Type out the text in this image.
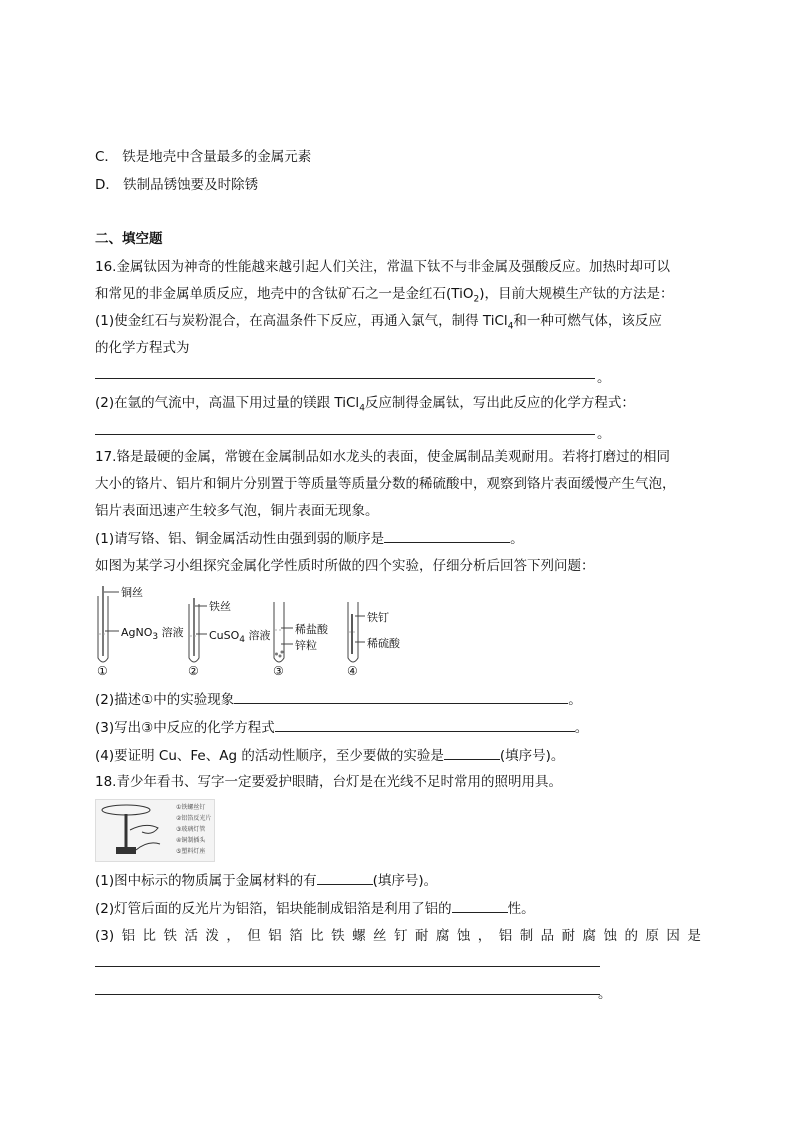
C． 铁是地壳中含量最多的金属元素
D． 铁制品锈蚀要及时除锈
二、填空题
16.金属钛因为神奇的性能越来越引起人们关注，常温下钛不与非金属及强酸反应。加热时却可以
和常见的非金属单质反应，地壳中的含钛矿石之一是金红石(TiO$_2$)，目前大规模生产钛的方法是：
(1)使金红石与炭粉混合，在高温条件下反应，再通入氯气，制得 TiCl$_4$和一种可燃气体，该反应
的化学方程式为
。
(2)在氩的气流中，高温下用过量的镁跟 TiCl$_4$反应制得金属钛，写出此反应的化学方程式：
。
17.铬是最硬的金属，常镀在金属制品如水龙头的表面，使金属制品美观耐用。若将打磨过的相同
大小的铬片、铝片和铜片分别置于等质量等质量分数的稀硫酸中，观察到铬片表面缓慢产生气泡，
铝片表面迅速产生较多气泡，铜片表面无现象。
(1)请写铬、铝、铜金属活动性由强到弱的顺序是	。
如图为某学习小组探究金属化学性质时所做的四个实验，仔细分析后回答下列问题：
铜丝
AgNO$_3$ 溶液
①
铁丝
CuSO$_4$ 溶液
②
稀盐酸
锌粒
③
铁钉
稀硫酸
④
(2)描述①中的实验现象	。
(3)写出③中反应的化学方程式	。
(4)要证明 Cu、Fe、Ag 的活动性顺序，至少要做的实验是	(填序号)。
18.青少年看书、写字一定要爱护眼睛，台灯是在光线不足时常用的照明用具。
①铁螺丝钉
②铝箔反光片
③玻璃灯管
④铜制插头
⑤塑料灯座
(1)图中标示的物质属于金属材料的有	(填序号)。
(2)灯管后面的反光片为铝箔，铝块能制成铝箔是利用了铝的	性。
(3) 铝 比 铁 活 泼 ， 但 铝 箔 比 铁 螺 丝 钉 耐 腐 蚀 ， 铝 制 品 耐 腐 蚀 的 原 因 是
。
